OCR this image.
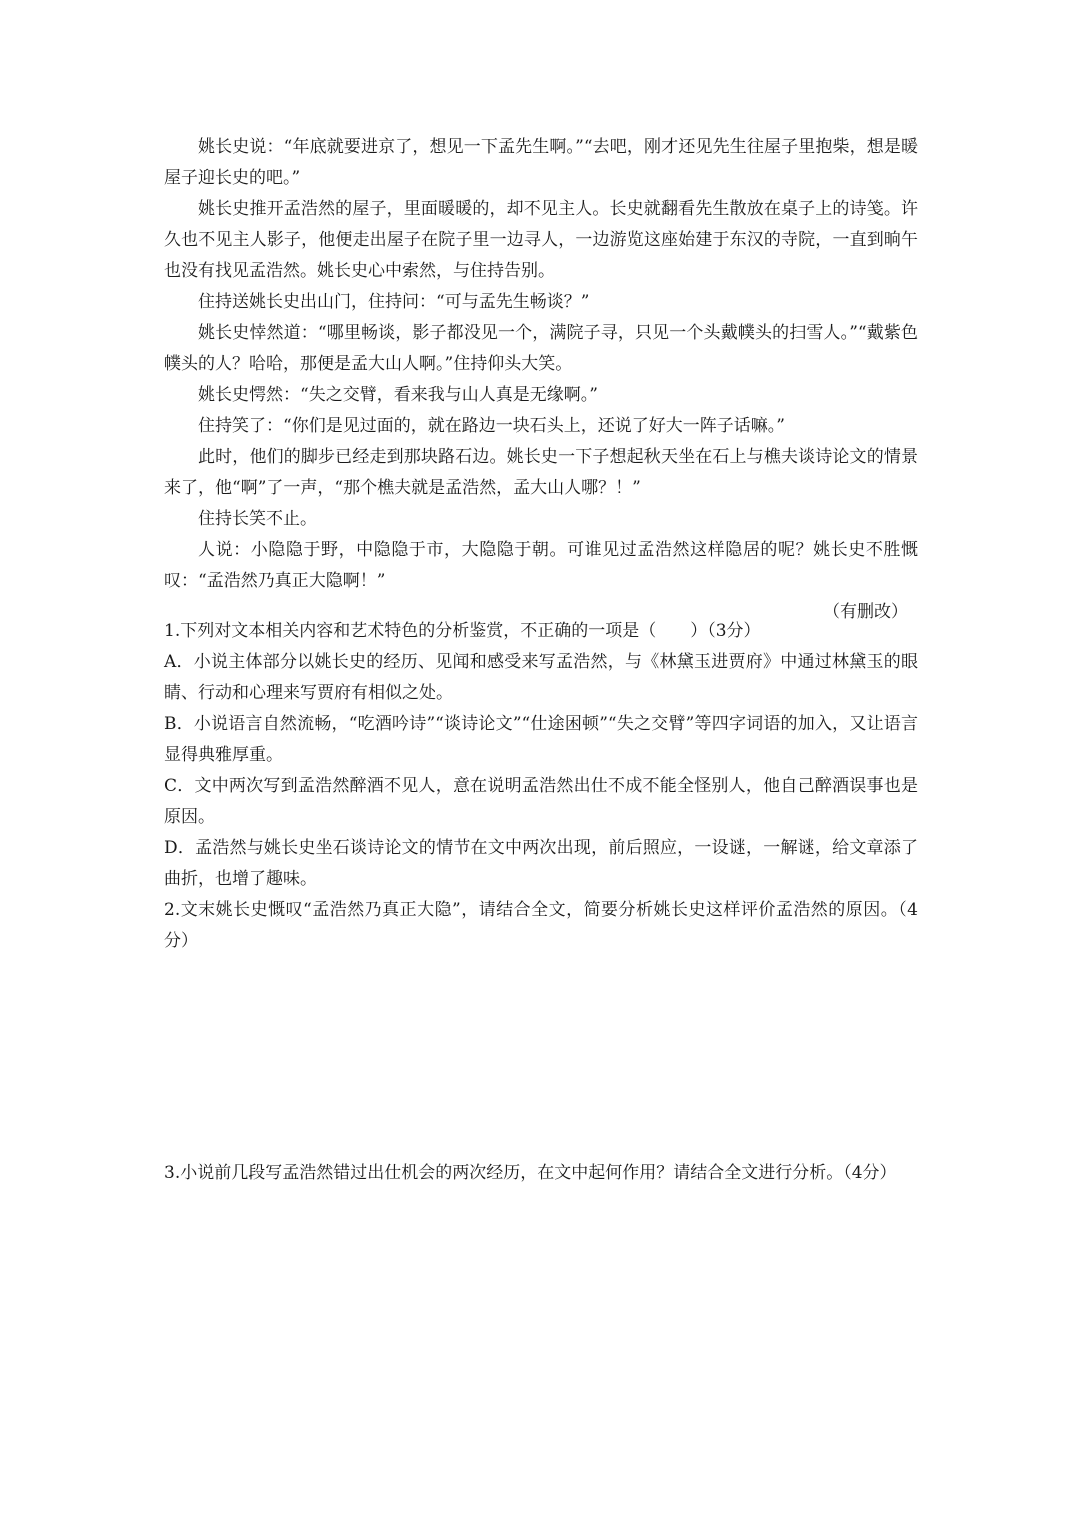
姚长史说：“年底就要进京了，想见一下孟先生啊。”“去吧，刚才还见先生往屋子里抱柴，想是暖屋子迎长史的吧。”

姚长史推开孟浩然的屋子，里面暖暖的，却不见主人。长史就翻看先生散放在桌子上的诗笺。许久也不见主人影子，他便走出屋子在院子里一边寻人，一边游览这座始建于东汉的寺院，一直到晌午也没有找见孟浩然。姚长史心中索然，与住持告别。

住持送姚长史出山门，住持问：“可与孟先生畅谈？”

姚长史悻然道：“哪里畅谈，影子都没见一个，满院子寻，只见一个头戴幞头的扫雪人。”“戴紫色幞头的人？哈哈，那便是孟大山人啊。”住持仰头大笑。

姚长史愕然：“失之交臂，看来我与山人真是无缘啊。”

住持笑了：“你们是见过面的，就在路边一块石头上，还说了好大一阵子话嘛。”

此时，他们的脚步已经走到那块路石边。姚长史一下子想起秋天坐在石上与樵夫谈诗论文的情景来了，他“啊”了一声，“那个樵夫就是孟浩然，孟大山人哪？！”

住持长笑不止。

人说：小隐隐于野，中隐隐于市，大隐隐于朝。可谁见过孟浩然这样隐居的呢？姚长史不胜慨叹：“孟浩然乃真正大隐啊！”

（有删改）

1.下列对文本相关内容和艺术特色的分析鉴赏，不正确的一项是（　　）（3分）

A．小说主体部分以姚长史的经历、见闻和感受来写孟浩然，与《林黛玉进贾府》中通过林黛玉的眼睛、行动和心理来写贾府有相似之处。

B．小说语言自然流畅，“吃酒吟诗”“谈诗论文”“仕途困顿”“失之交臂”等四字词语的加入，又让语言显得典雅厚重。

C．文中两次写到孟浩然醉酒不见人，意在说明孟浩然出仕不成不能全怪别人，他自己醉酒误事也是原因。

D．孟浩然与姚长史坐石谈诗论文的情节在文中两次出现，前后照应，一设谜，一解谜，给文章添了曲折，也增了趣味。

2.文末姚长史慨叹“孟浩然乃真正大隐”，请结合全文，简要分析姚长史这样评价孟浩然的原因。（4分）

3.小说前几段写孟浩然错过出仕机会的两次经历，在文中起何作用？请结合全文进行分析。（4分）
